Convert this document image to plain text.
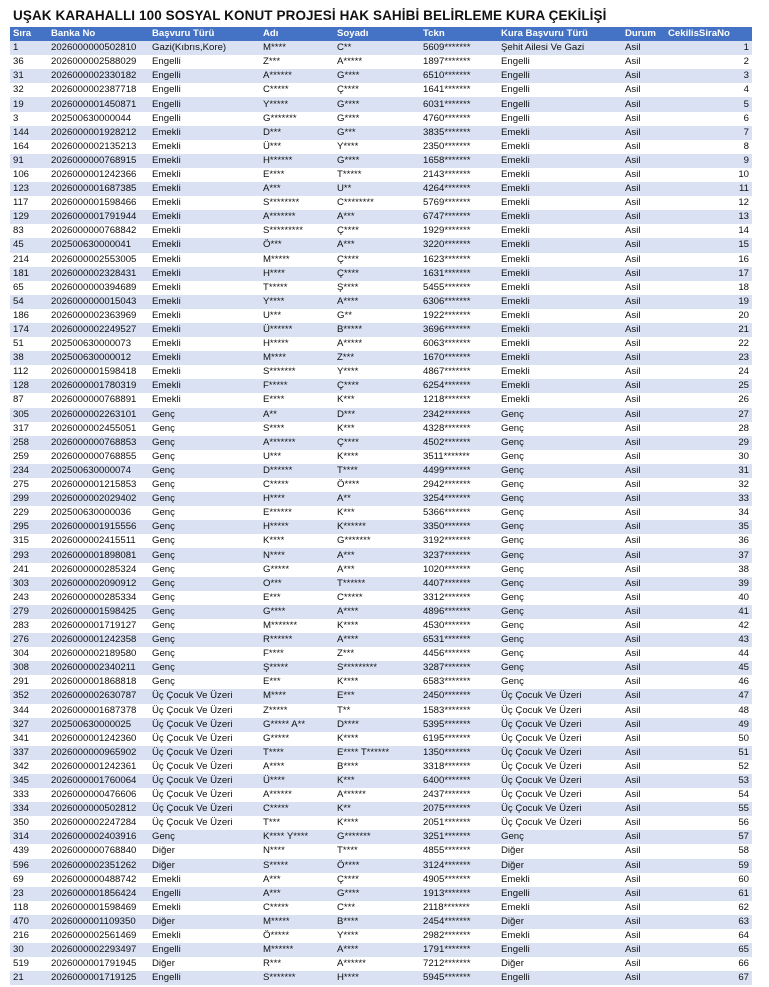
UŞAK KARAHALLI 100 SOSYAL KONUT PROJESİ HAK SAHİBİ BELİRLEME KURA ÇEKİLİŞİ
Sıra	Banka No	Başvuru Türü	Adı	Soyadı	Tckn	Kura Başvuru Türü	Durum	CekilisSiraNo
1	2026000000502810	Gazi(Kıbrıs,Kore)	M****	C**	5609*******	Şehit Ailesi Ve Gazi	Asil	1
36	2026000002588029	Engelli	Z***	A*****	1897*******	Engelli	Asil	2
31	2026000002330182	Engelli	A******	G****	6510*******	Engelli	Asil	3
32	2026000002387718	Engelli	C*****	Ç****	1641*******	Engelli	Asil	4
19	2026000001450871	Engelli	Y*****	G****	6031*******	Engelli	Asil	5
3	202500630000044	Engelli	G*******	G****	4760*******	Engelli	Asil	6
144	2026000001928212	Emekli	D***	G***	3835*******	Emekli	Asil	7
164	2026000002135213	Emekli	Ü***	Y****	2350*******	Emekli	Asil	8
91	2026000000768915	Emekli	H******	G****	1658*******	Emekli	Asil	9
106	2026000001242366	Emekli	E****	T*****	2143*******	Emekli	Asil	10
123	2026000001687385	Emekli	A***	U**	4264*******	Emekli	Asil	11
117	2026000001598466	Emekli	S********	C********	5769*******	Emekli	Asil	12
129	2026000001791944	Emekli	A*******	A***	6747*******	Emekli	Asil	13
83	2026000000768842	Emekli	S*********	Ç****	1929*******	Emekli	Asil	14
45	202500630000041	Emekli	Ö***	A***	3220*******	Emekli	Asil	15
214	2026000002553005	Emekli	M*****	Ç****	1623*******	Emekli	Asil	16
181	2026000002328431	Emekli	H****	Ç****	1631*******	Emekli	Asil	17
65	2026000000394689	Emekli	T*****	Ş****	5455*******	Emekli	Asil	18
54	2026000000015043	Emekli	Y****	A****	6306*******	Emekli	Asil	19
186	2026000002363969	Emekli	U***	G**	1922*******	Emekli	Asil	20
174	2026000002249527	Emekli	Ü******	B*****	3696*******	Emekli	Asil	21
51	202500630000073	Emekli	H*****	A*****	6063*******	Emekli	Asil	22
38	202500630000012	Emekli	M****	Z***	1670*******	Emekli	Asil	23
112	2026000001598418	Emekli	S*******	Y****	4867*******	Emekli	Asil	24
128	2026000001780319	Emekli	F*****	Ç****	6254*******	Emekli	Asil	25
87	2026000000768891	Emekli	E****	K***	1218*******	Emekli	Asil	26
305	2026000002263101	Genç	A**	D***	2342*******	Genç	Asil	27
317	2026000002455051	Genç	S****	K***	4328*******	Genç	Asil	28
258	2026000000768853	Genç	A*******	Ç****	4502*******	Genç	Asil	29
259	2026000000768855	Genç	U***	K****	3511*******	Genç	Asil	30
234	202500630000074	Genç	D******	T****	4499*******	Genç	Asil	31
275	2026000001215853	Genç	C*****	Ö****	2942*******	Genç	Asil	32
299	2026000002029402	Genç	H****	A**	3254*******	Genç	Asil	33
229	202500630000036	Genç	E******	K***	5366*******	Genç	Asil	34
295	2026000001915556	Genç	H*****	K******	3350*******	Genç	Asil	35
315	2026000002415511	Genç	K****	G*******	3192*******	Genç	Asil	36
293	2026000001898081	Genç	N****	A***	3237*******	Genç	Asil	37
241	2026000000285324	Genç	G*****	A***	1020*******	Genç	Asil	38
303	2026000002090912	Genç	O***	T******	4407*******	Genç	Asil	39
243	2026000000285334	Genç	E***	C*****	3312*******	Genç	Asil	40
279	2026000001598425	Genç	G****	A****	4896*******	Genç	Asil	41
283	2026000001719127	Genç	M*******	K****	4530*******	Genç	Asil	42
276	2026000001242358	Genç	R******	A****	6531*******	Genç	Asil	43
304	2026000002189580	Genç	F****	Z***	4456*******	Genç	Asil	44
308	2026000002340211	Genç	Ş*****	S*********	3287*******	Genç	Asil	45
291	2026000001868818	Genç	E***	K****	6583*******	Genç	Asil	46
352	2026000002630787	Üç Çocuk Ve Üzeri	M****	E***	2450*******	Üç Çocuk Ve Üzeri	Asil	47
344	2026000001687378	Üç Çocuk Ve Üzeri	Z*****	T**	1583*******	Üç Çocuk Ve Üzeri	Asil	48
327	202500630000025	Üç Çocuk Ve Üzeri	G***** A**	D****	5395*******	Üç Çocuk Ve Üzeri	Asil	49
341	2026000001242360	Üç Çocuk Ve Üzeri	G*****	K****	6195*******	Üç Çocuk Ve Üzeri	Asil	50
337	2026000000965902	Üç Çocuk Ve Üzeri	T****	E**** T******	1350*******	Üç Çocuk Ve Üzeri	Asil	51
342	2026000001242361	Üç Çocuk Ve Üzeri	A****	B****	3318*******	Üç Çocuk Ve Üzeri	Asil	52
345	2026000001760064	Üç Çocuk Ve Üzeri	Ü****	K***	6400*******	Üç Çocuk Ve Üzeri	Asil	53
333	2026000000476606	Üç Çocuk Ve Üzeri	A******	A******	2437*******	Üç Çocuk Ve Üzeri	Asil	54
334	2026000000502812	Üç Çocuk Ve Üzeri	C*****	K**	2075*******	Üç Çocuk Ve Üzeri	Asil	55
350	2026000002247284	Üç Çocuk Ve Üzeri	T***	K****	2051*******	Üç Çocuk Ve Üzeri	Asil	56
314	2026000002403916	Genç	K**** Y****	G*******	3251*******	Genç	Asil	57
439	2026000000768840	Diğer	N****	T****	4855*******	Diğer	Asil	58
596	2026000002351262	Diğer	S*****	Ö****	3124*******	Diğer	Asil	59
69	2026000000488742	Emekli	A***	Ç****	4905*******	Emekli	Asil	60
23	2026000001856424	Engelli	A***	G****	1913*******	Engelli	Asil	61
118	2026000001598469	Emekli	C*****	C***	2118*******	Emekli	Asil	62
470	2026000001109350	Diğer	M*****	B****	2454*******	Diğer	Asil	63
216	2026000002561469	Emekli	Ö*****	Y****	2982*******	Emekli	Asil	64
30	2026000002293497	Engelli	M******	A****	1791*******	Engelli	Asil	65
519	2026000001791945	Diğer	R***	A******	7212*******	Diğer	Asil	66
21	2026000001719125	Engelli	S*******	H****	5945*******	Engelli	Asil	67
